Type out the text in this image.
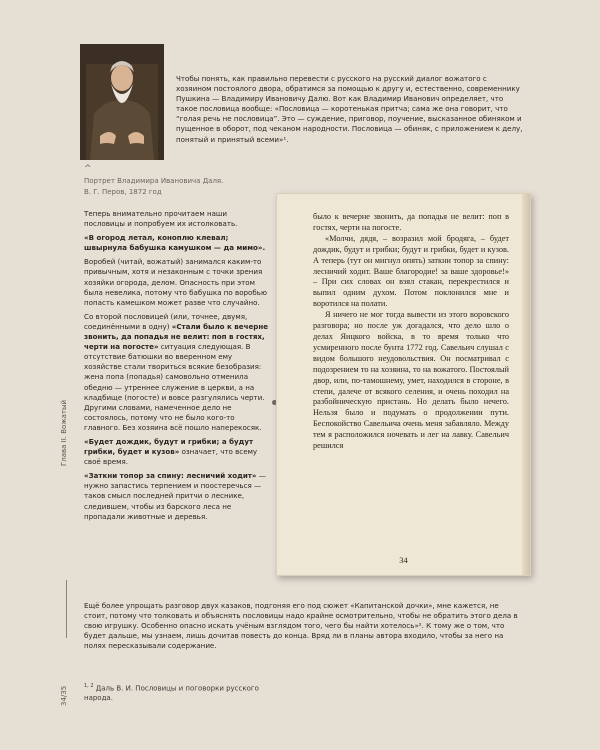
^
Портрет Владимира Ивановича Даля.
В. Г. Перов, 1872 год

Чтобы понять, как правильно перевести с русского на русский диалог вожатого с хозяином постоялого двора, обратимся за помощью к другу и, естественно, современнику Пушкина — Владимиру Ивановичу Далю. Вот как Владимир Иванович определяет, что такое пословица вообще: «Пословица — коротенькая притча; сама же она говорит, что “голая речь не пословица”. Это — суждение, приговор, поучение, высказанное обиняком и пущенное в оборот, под чеканом народности. Пословица — обиняк, с приложением к делу, понятый и принятый всеми»¹.

Теперь внимательно прочитаем наши пословицы и попробуем их истолковать.

«В огород летал, коноплю клевал; швырнула бабушка камушком — да мимо».

Воробей (читай, вожатый) занимался каким-то привычным, хотя и незаконным с точки зрения хозяйки огорода, делом. Опасность при этом была невелика, потому что бабушка по воробью попасть камешком может разве что случайно.

Со второй пословицей (или, точнее, двумя, соединёнными в одну) «Стали было к вечерне звонить, да попадья не велит: поп в гостях, черти на погосте» ситуация следующая. В отсутствие батюшки во вверенном ему хозяйстве стали твориться всякие безобразия: жена попа (попадья) самовольно отменила обедню — утреннее служение в церкви, а на кладбище (погосте) и вовсе разгулялись черти. Другими словами, намеченное дело не состоялось, потому что не было кого-то главного. Без хозяина всё пошло наперекосяк.

«Будет дождик, будут и грибки; а будут грибки, будет и кузов» означает, что всему своё время.

«Заткни топор за спину: лесничий ходит» — нужно запастись терпением и поостеречься — таков смысл последней притчи о леснике, следившем, чтобы из барского леса не пропадали животные и деревья.

было к вечерне звонить, да попадья не велит: поп в гостях, черти на погосте.

«Молчи, дядя, – возразил мой бродяга, – будет дождик, будут и грибки; будут и грибки, будет и кузов. А теперь (тут он мигнул опять) заткни топор за спину: лесничий ходит. Ваше благородие! за ваше здоровье!» – При сих словах он взял стакан, перекрестился и выпил одним духом. Потом поклонился мне и воротился на полати.

Я ничего не мог тогда вывести из этого воровского разговора; но после уж догадался, что дело шло о делах Яицкого войска, в то время только что усмиренного после бунта 1772 год. Савельич слушал с видом большого неудовольствия. Он посматривал с подозрением то на хозяина, то на вожатого. Постоялый двор, или, по-тамошнему, умет, находился в стороне, в степи, далече от всякого селения, и очень походил на разбойническую пристань. Но делать было нечего. Нельзя было и подумать о продолжении пути. Беспокойство Савельича очень меня забавляло. Между тем я расположился ночевать и лег на лавку. Савельич решился

34

Ещё более упрощать разговор двух казаков, подгоняя его под сюжет «Капитанской дочки», мне кажется, не стоит, потому что толковать и объяснять пословицы надо крайне осмотрительно, чтобы не обратить этого дела в свою игрушку. Особенно опасно искать учёным взглядом того, чего бы найти хотелось»². К тому же о том, что будет дальше, мы узнаем, лишь дочитав повесть до конца. Вряд ли в планы автора входило, чтобы за него на полях пересказывали содержание.

Глава II. Вожатый
34/35	$^{1, 2}$ Даль В. И. Пословицы и поговорки русского народа.
